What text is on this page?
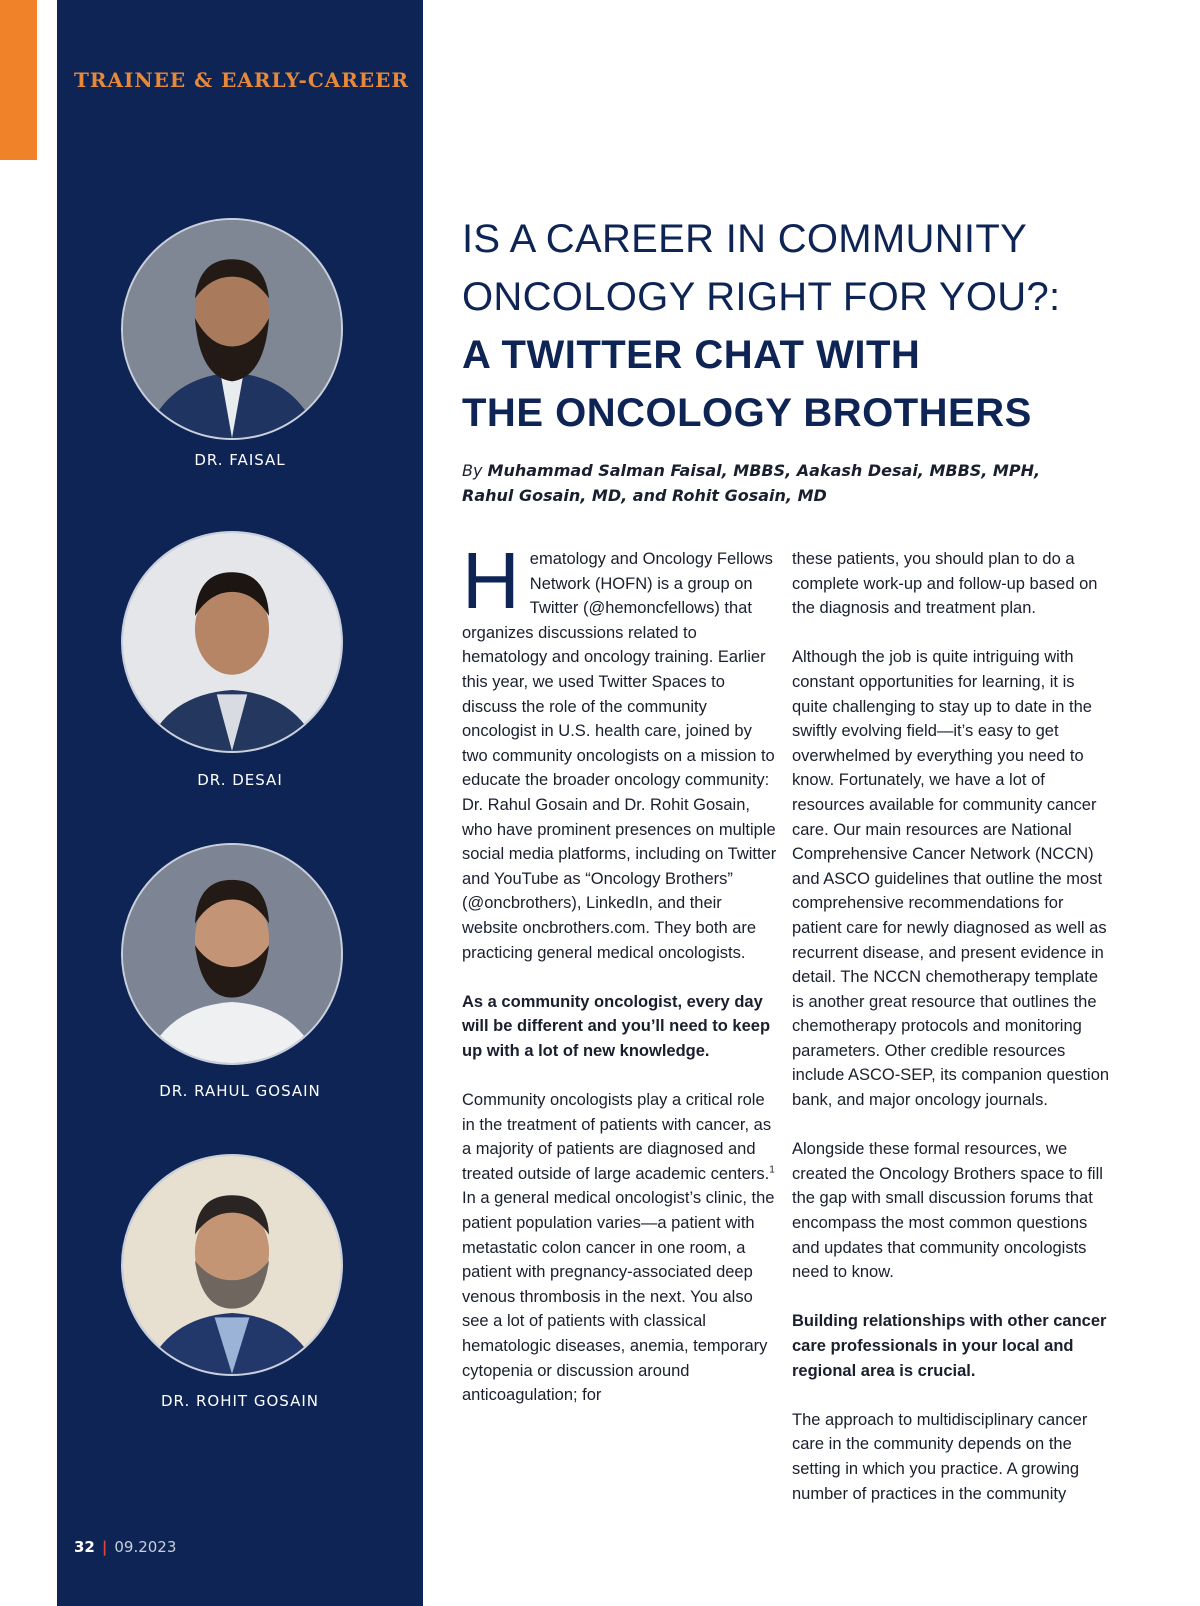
TRAINEE & EARLY-CAREER
DR. FAISAL
DR. DESAI
DR. RAHUL GOSAIN
DR. ROHIT GOSAIN
32 | 09.2023
IS A CAREER IN COMMUNITY
ONCOLOGY RIGHT FOR YOU?:
A TWITTER CHAT WITH
THE ONCOLOGY BROTHERS
By Muhammad Salman Faisal, MBBS, Aakash Desai, MBBS, MPH,
Rahul Gosain, MD, and Rohit Gosain, MD

Hematology and Oncology Fellows Network (HOFN) is a group on Twitter (@hemoncfellows) that organizes discussions related to hematology and oncology training. Earlier this year, we used Twitter Spaces to discuss the role of the community oncologist in U.S. health care, joined by two community oncologists on a mission to educate the broader oncology community: Dr. Rahul Gosain and Dr. Rohit Gosain, who have prominent presences on multiple social media platforms, including on Twitter and YouTube as “Oncology Brothers” (@oncbrothers), LinkedIn, and their website oncbrothers.com. They both are practicing general medical oncologists.

As a community oncologist, every day will be different and you’ll need to keep up with a lot of new knowledge.

Community oncologists play a critical role in the treatment of patients with cancer, as a majority of patients are diagnosed and treated outside of large academic centers.$^1$ In a general medical oncologist’s clinic, the patient population varies—a patient with metastatic colon cancer in one room, a patient with pregnancy-associated deep venous thrombosis in the next. You also see a lot of patients with classical hematologic diseases, anemia, temporary cytopenia or discussion around anticoagulation; for

these patients, you should plan to do a complete work-up and follow-up based on the diagnosis and treatment plan.

Although the job is quite intriguing with constant opportunities for learning, it is quite challenging to stay up to date in the swiftly evolving field—it’s easy to get overwhelmed by everything you need to know. Fortunately, we have a lot of resources available for community cancer care. Our main resources are National Comprehensive Cancer Network (NCCN) and ASCO guidelines that outline the most comprehensive recommendations for patient care for newly diagnosed as well as recurrent disease, and present evidence in detail. The NCCN chemotherapy template is another great resource that outlines the chemotherapy protocols and monitoring parameters. Other credible resources include ASCO-SEP, its companion question bank, and major oncology journals.

Alongside these formal resources, we created the Oncology Brothers space to fill the gap with small discussion forums that encompass the most common questions and updates that community oncologists need to know.

Building relationships with other cancer care professionals in your local and regional area is crucial.

The approach to multidisciplinary cancer care in the community depends on the setting in which you practice. A growing number of practices in the community
